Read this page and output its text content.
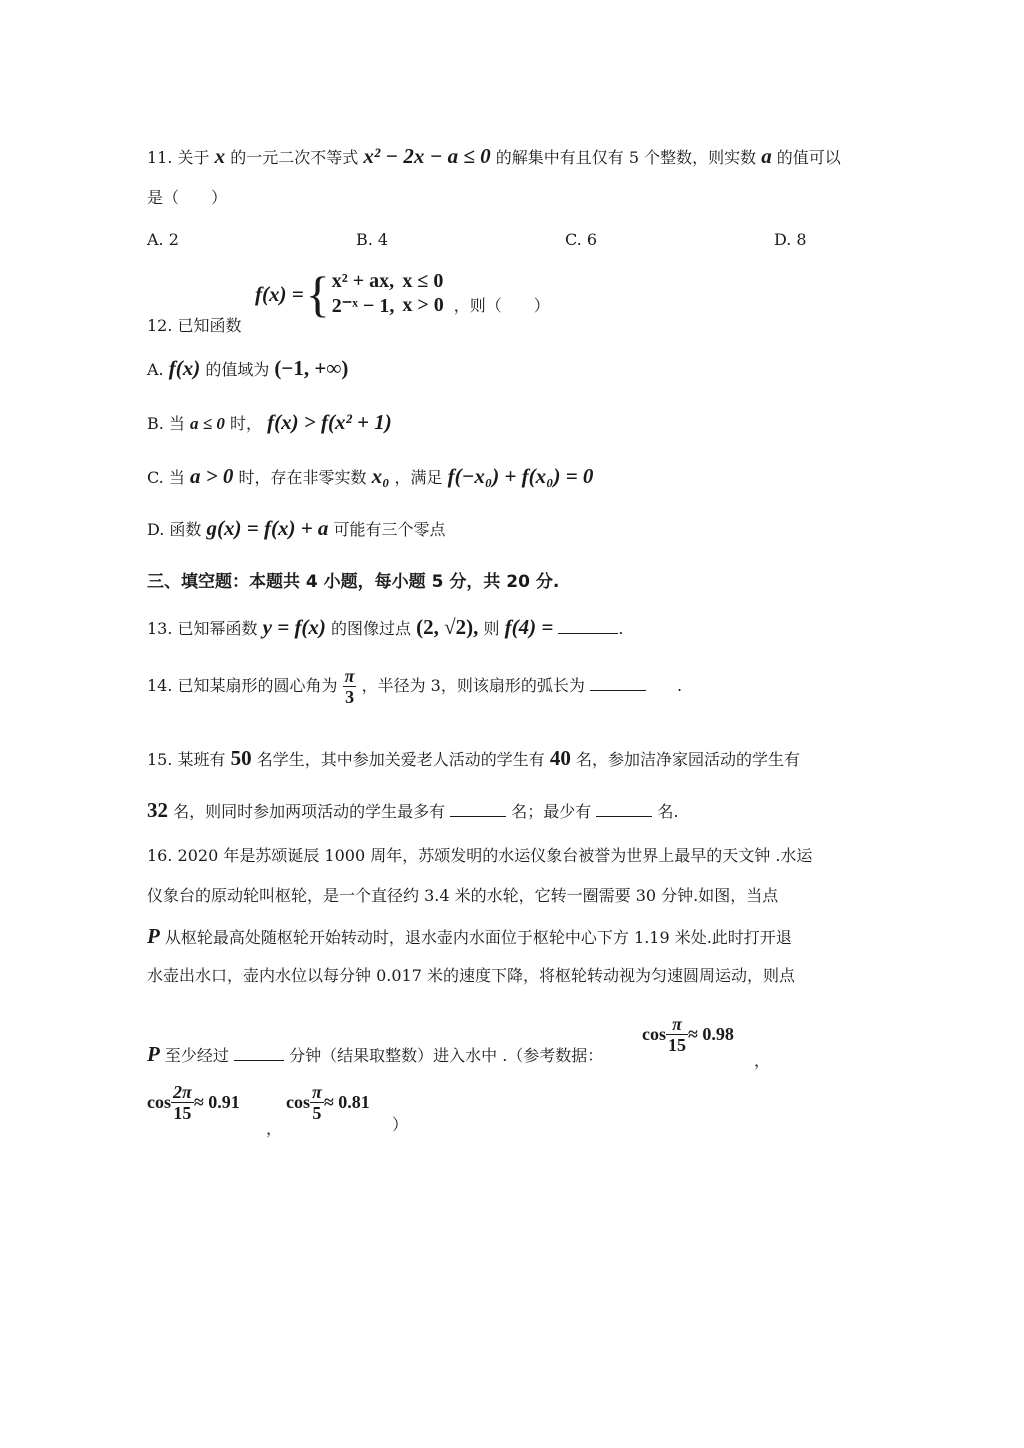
11. 关于 x 的一元二次不等式 x² − 2x − a ≤ 0 的解集中有且仅有 5 个整数，则实数 a 的值可以
是（　　）
A. 2	B. 4	C. 6	D. 8
12. 已知函数
f(x) =	{	x² + ax,	x ≤ 0
2⁻ˣ − 1,	x > 0
	，则（　　）
A. f(x) 的值域为 (−1, +∞)
B. 当 a ≤ 0 时， f(x) > f(x² + 1)
C. 当 a > 0 时，存在非零实数 x₀ ，满足 f(−x₀) + f(x₀) = 0
D. 函数 g(x) = f(x) + a 可能有三个零点
三、填空题：本题共 4 小题，每小题 5 分，共 20 分.
13. 已知幂函数 y = f(x) 的图像过点 (2, √2), 则 f(4) =	.
14. 已知某扇形的圆心角为 $\frac{\pi}{3}$ ，半径为 3，则该扇形的弧长为	.
15. 某班有 50 名学生，其中参加关爱老人活动的学生有 40 名，参加洁净家园活动的学生有
32 名，则同时参加两项活动的学生最多有	名；最少有	名.
16. 2020 年是苏颂诞辰 1000 周年，苏颂发明的水运仪象台被誉为世界上最早的天文钟 .水运
仪象台的原动轮叫枢轮，是一个直径约 3.4 米的水轮，它转一圈需要 30 分钟.如图，当点
P 从枢轮最高处随枢轮开始转动时，退水壶内水面位于枢轮中心下方 1.19 米处.此时打开退
水壶出水口，壶内水位以每分钟 0.017 米的速度下降，将枢轮转动视为匀速圆周运动，则点
P 至少经过	分钟（结果取整数）进入水中 .（参考数据：
$\cos \frac{\pi}{15} \approx 0.98$
，
$\cos \frac{2\pi}{15} \approx 0.91$
，
$\cos \frac{\pi}{5} \approx 0.81$
）
